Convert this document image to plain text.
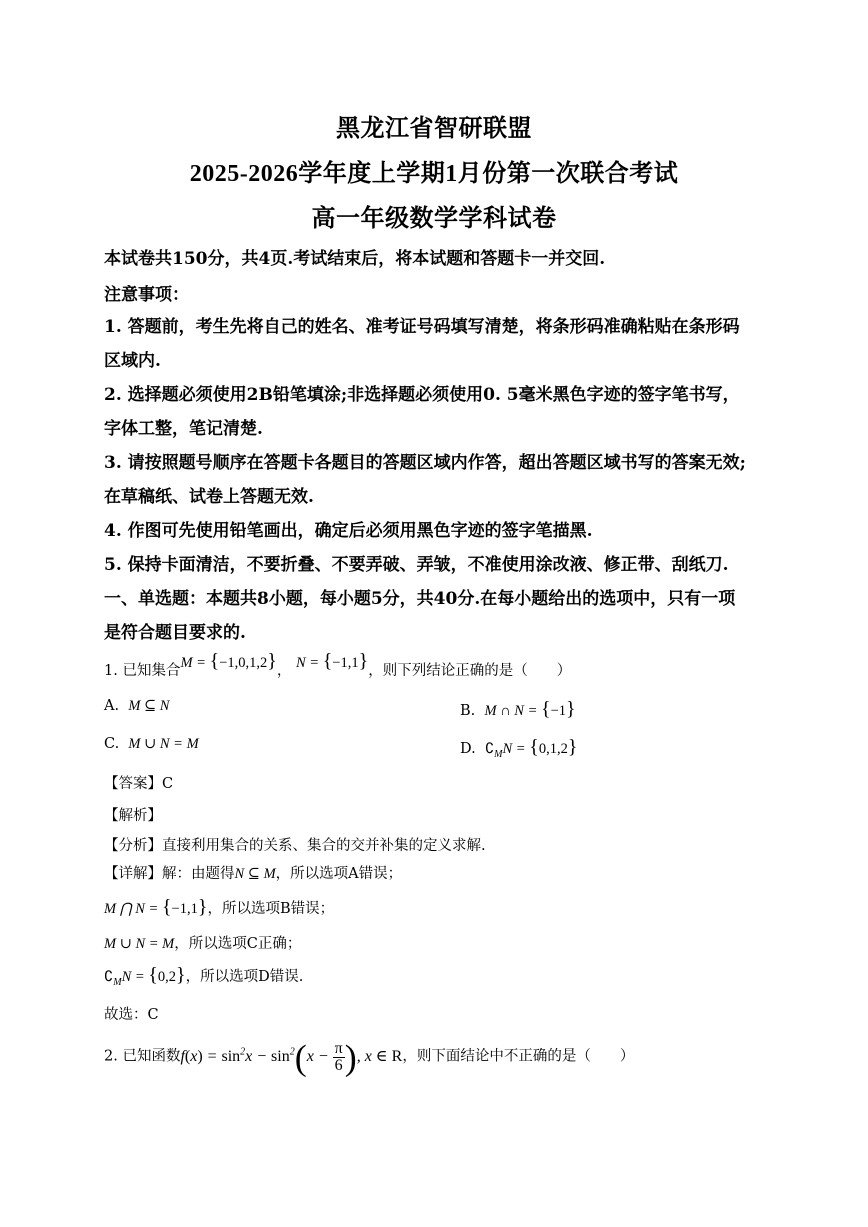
黑龙江省智研联盟
2025-2026学年度上学期1月份第一次联合考试
高一年级数学学科试卷
本试卷共150分，共4页.考试结束后，将本试题和答题卡一并交回.
注意事项：
1. 答题前，考生先将自己的姓名、准考证号码填写清楚，将条形码准确粘贴在条形码
区域内.
2. 选择题必须使用2B铅笔填涂;非选择题必须使用0. 5毫米黑色字迹的签字笔书写，
字体工整，笔记清楚.
3. 请按照题号顺序在答题卡各题目的答题区域内作答，超出答题区域书写的答案无效;
在草稿纸、试卷上答题无效.
4. 作图可先使用铅笔画出，确定后必须用黑色字迹的签字笔描黑.
5. 保持卡面清洁，不要折叠、不要弄破、弄皱，不准使用涂改液、修正带、刮纸刀.
一、单选题：本题共8小题，每小题5分，共40分.在每小题给出的选项中，只有一项
是符合题目要求的.
1. 已知集合M = {−1,0,1,2}， N = {−1,1}，则下列结论正确的是（　　）
A. M ⊆ N	B. M ∩ N = {−1}
C. M ∪ N = M	D. $∁_MN = \{0,1,2\}$
【答案】C
【解析】
【分析】直接利用集合的关系、集合的交并补集的定义求解.
【详解】解：由题得N ⊆ M，所以选项A错误；
M ⋂ N = {−1,1}，所以选项B错误；
M ∪ N = M，所以选项C正确；
$∁_MN = \{0,2\}$，所以选项D错误.
故选：C
2. 已知函数$f(x) = \sin^2x - \sin^2(x - \frac{\pi}{6}$ ), x ∈ R，则下面结论中不正确的是（　　）
